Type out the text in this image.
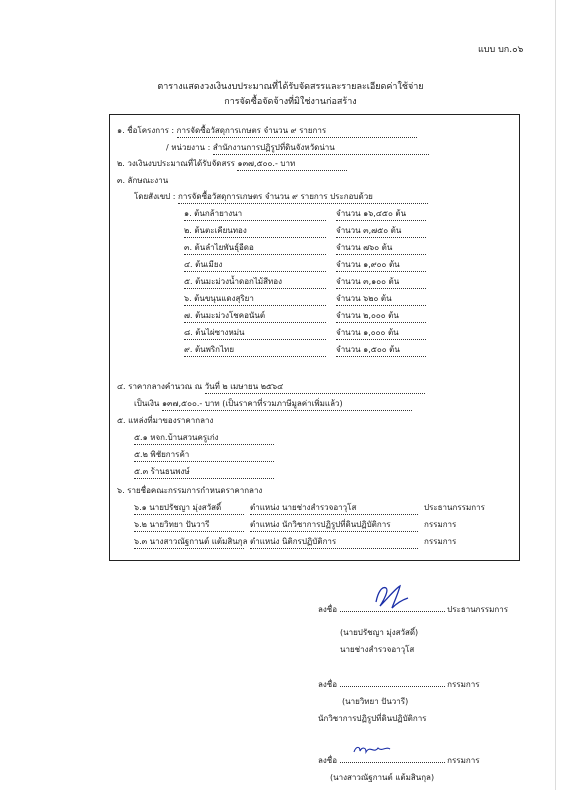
แบบ บก.๐๖
ตารางแสดงวงเงินงบประมาณที่ได้รับจัดสรรและรายละเอียดค่าใช้จ่าย
การจัดซื้อจัดจ้างที่มิใช่งานก่อสร้าง
๑. ชื่อโครงการ : การจัดซื้อวัสดุการเกษตร จำนวน ๙ รายการ
/ หน่วยงาน : สำนักงานการปฏิรูปที่ดินจังหวัดน่าน
๒. วงเงินงบประมาณที่ได้รับจัดสรร ๑๓๗,๕๐๐.- บาท
๓. ลักษณะงาน
โดยสังเขป : การจัดซื้อวัสดุการเกษตร จำนวน ๙ รายการ ประกอบด้วย
๑. ต้นกล้ายางนา	จำนวน ๑๖,๔๕๐ ต้น
๒. ต้นตะเคียนทอง	จำนวน ๓,๗๕๐ ต้น
๓. ต้นลำไยพันธุ์อีดอ	จำนวน ๗๖๐ ต้น
๔. ต้นเมียง	จำนวน ๑,๙๐๐ ต้น
๕. ต้นมะม่วงน้ำดอกไม้สีทอง	จำนวน ๓,๑๐๐ ต้น
๖. ต้นขนุนแดงสุริยา	จำนวน ๖๒๐ ต้น
๗. ต้นมะม่วงโชคอนันต์	จำนวน ๒,๐๐๐ ต้น
๘. ต้นไผ่ซางหม่น	จำนวน ๑,๐๐๐ ต้น
๙. ต้นพริกไทย	จำนวน ๑,๕๐๐ ต้น
๔. ราคากลางคำนวณ ณ วันที่ ๒ เมษายน ๒๕๖๔
เป็นเงิน ๑๓๗,๕๐๐.- บาท (เป็นราคาที่รวมภาษีมูลค่าเพิ่มแล้ว)
๕. แหล่งที่มาของราคากลาง
๕.๑ หจก.บ้านสวนครูเก่ง
๕.๒ พิชัยการค้า
๕.๓ ร้านธนพงษ์
๖. รายชื่อคณะกรรมการกำหนดราคากลาง
๖.๑ นายปรัชญา มุ่งสวัสดิ์	ตำแหน่ง นายช่างสำรวจอาวุโส	ประธานกรรมการ
๖.๒ นายวิทยา ปันวารี	ตำแหน่ง นักวิชาการปฏิรูปที่ดินปฏิบัติการ	กรรมการ
๖.๓ นางสาวณัฐกานต์ แต้มสินกุล ตำแหน่ง นิติกรปฏิบัติการ	กรรมการ
ลงชื่อ	ประธานกรรมการ
(นายปรัชญา มุ่งสวัสดิ์)
นายช่างสำรวจอาวุโส
ลงชื่อ	กรรมการ
(นายวิทยา ปันวารี)
นักวิชาการปฏิรูปที่ดินปฏิบัติการ
ลงชื่อ	กรรมการ
(นางสาวณัฐกานต์ แต้มสินกุล)
